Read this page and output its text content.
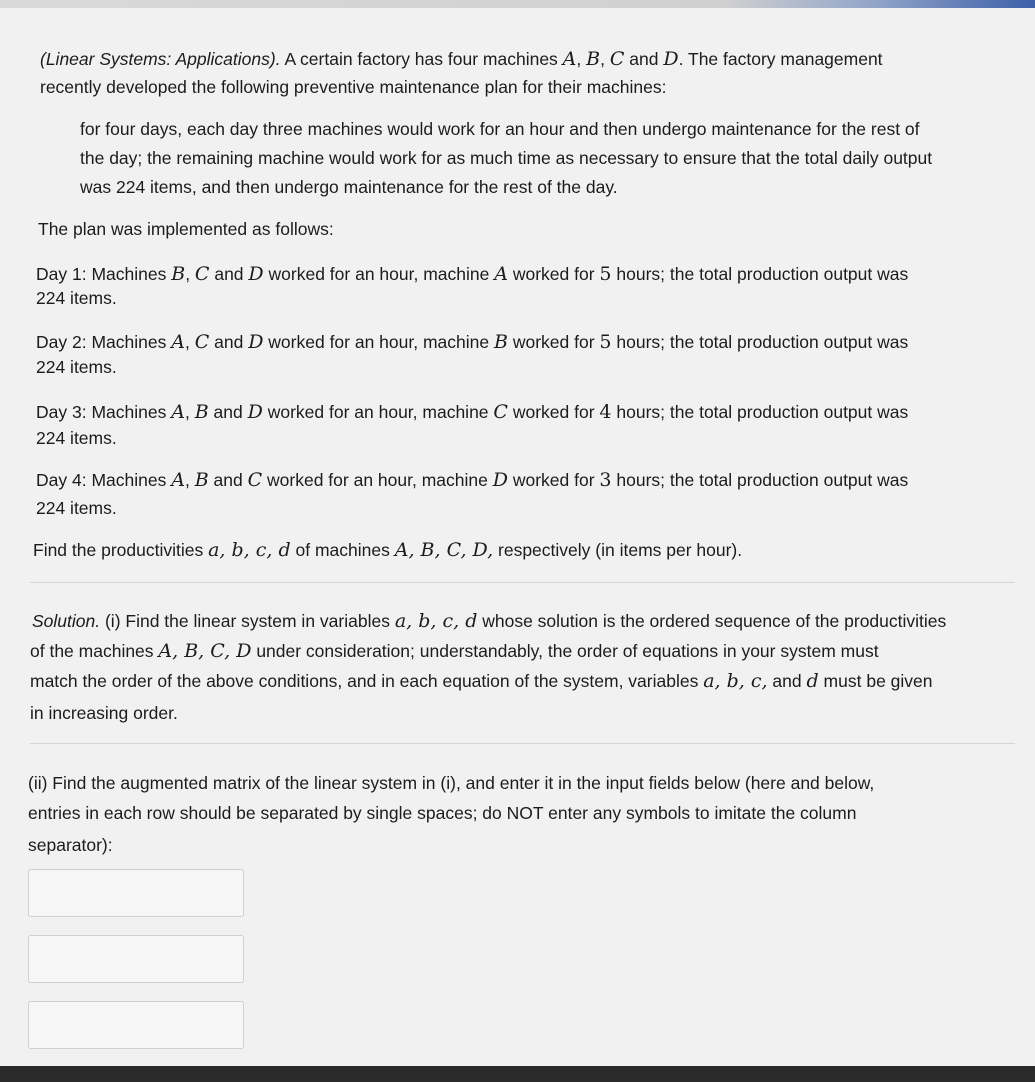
(Linear Systems: Applications). A certain factory has four machines A, B, C and D. The factory management

recently developed the following preventive maintenance plan for their machines:

for four days, each day three machines would work for an hour and then undergo maintenance for the rest of

the day; the remaining machine would work for as much time as necessary to ensure that the total daily output

was 224 items, and then undergo maintenance for the rest of the day.

The plan was implemented as follows:

Day 1: Machines B, C and D worked for an hour, machine A worked for 5 hours; the total production output was

224 items.

Day 2: Machines A, C and D worked for an hour, machine B worked for 5 hours; the total production output was

224 items.

Day 3: Machines A, B and D worked for an hour, machine C worked for 4 hours; the total production output was

224 items.

Day 4: Machines A, B and C worked for an hour, machine D worked for 3 hours; the total production output was

224 items.

Find the productivities a, b, c, d of machines A, B, C, D, respectively (in items per hour).

Solution. (i) Find the linear system in variables a, b, c, d whose solution is the ordered sequence of the productivities

of the machines A, B, C, D under consideration; understandably, the order of equations in your system must

match the order of the above conditions, and in each equation of the system, variables a, b, c, and d must be given

in increasing order.

(ii) Find the augmented matrix of the linear system in (i), and enter it in the input fields below (here and below,

entries in each row should be separated by single spaces; do NOT enter any symbols to imitate the column

separator):
